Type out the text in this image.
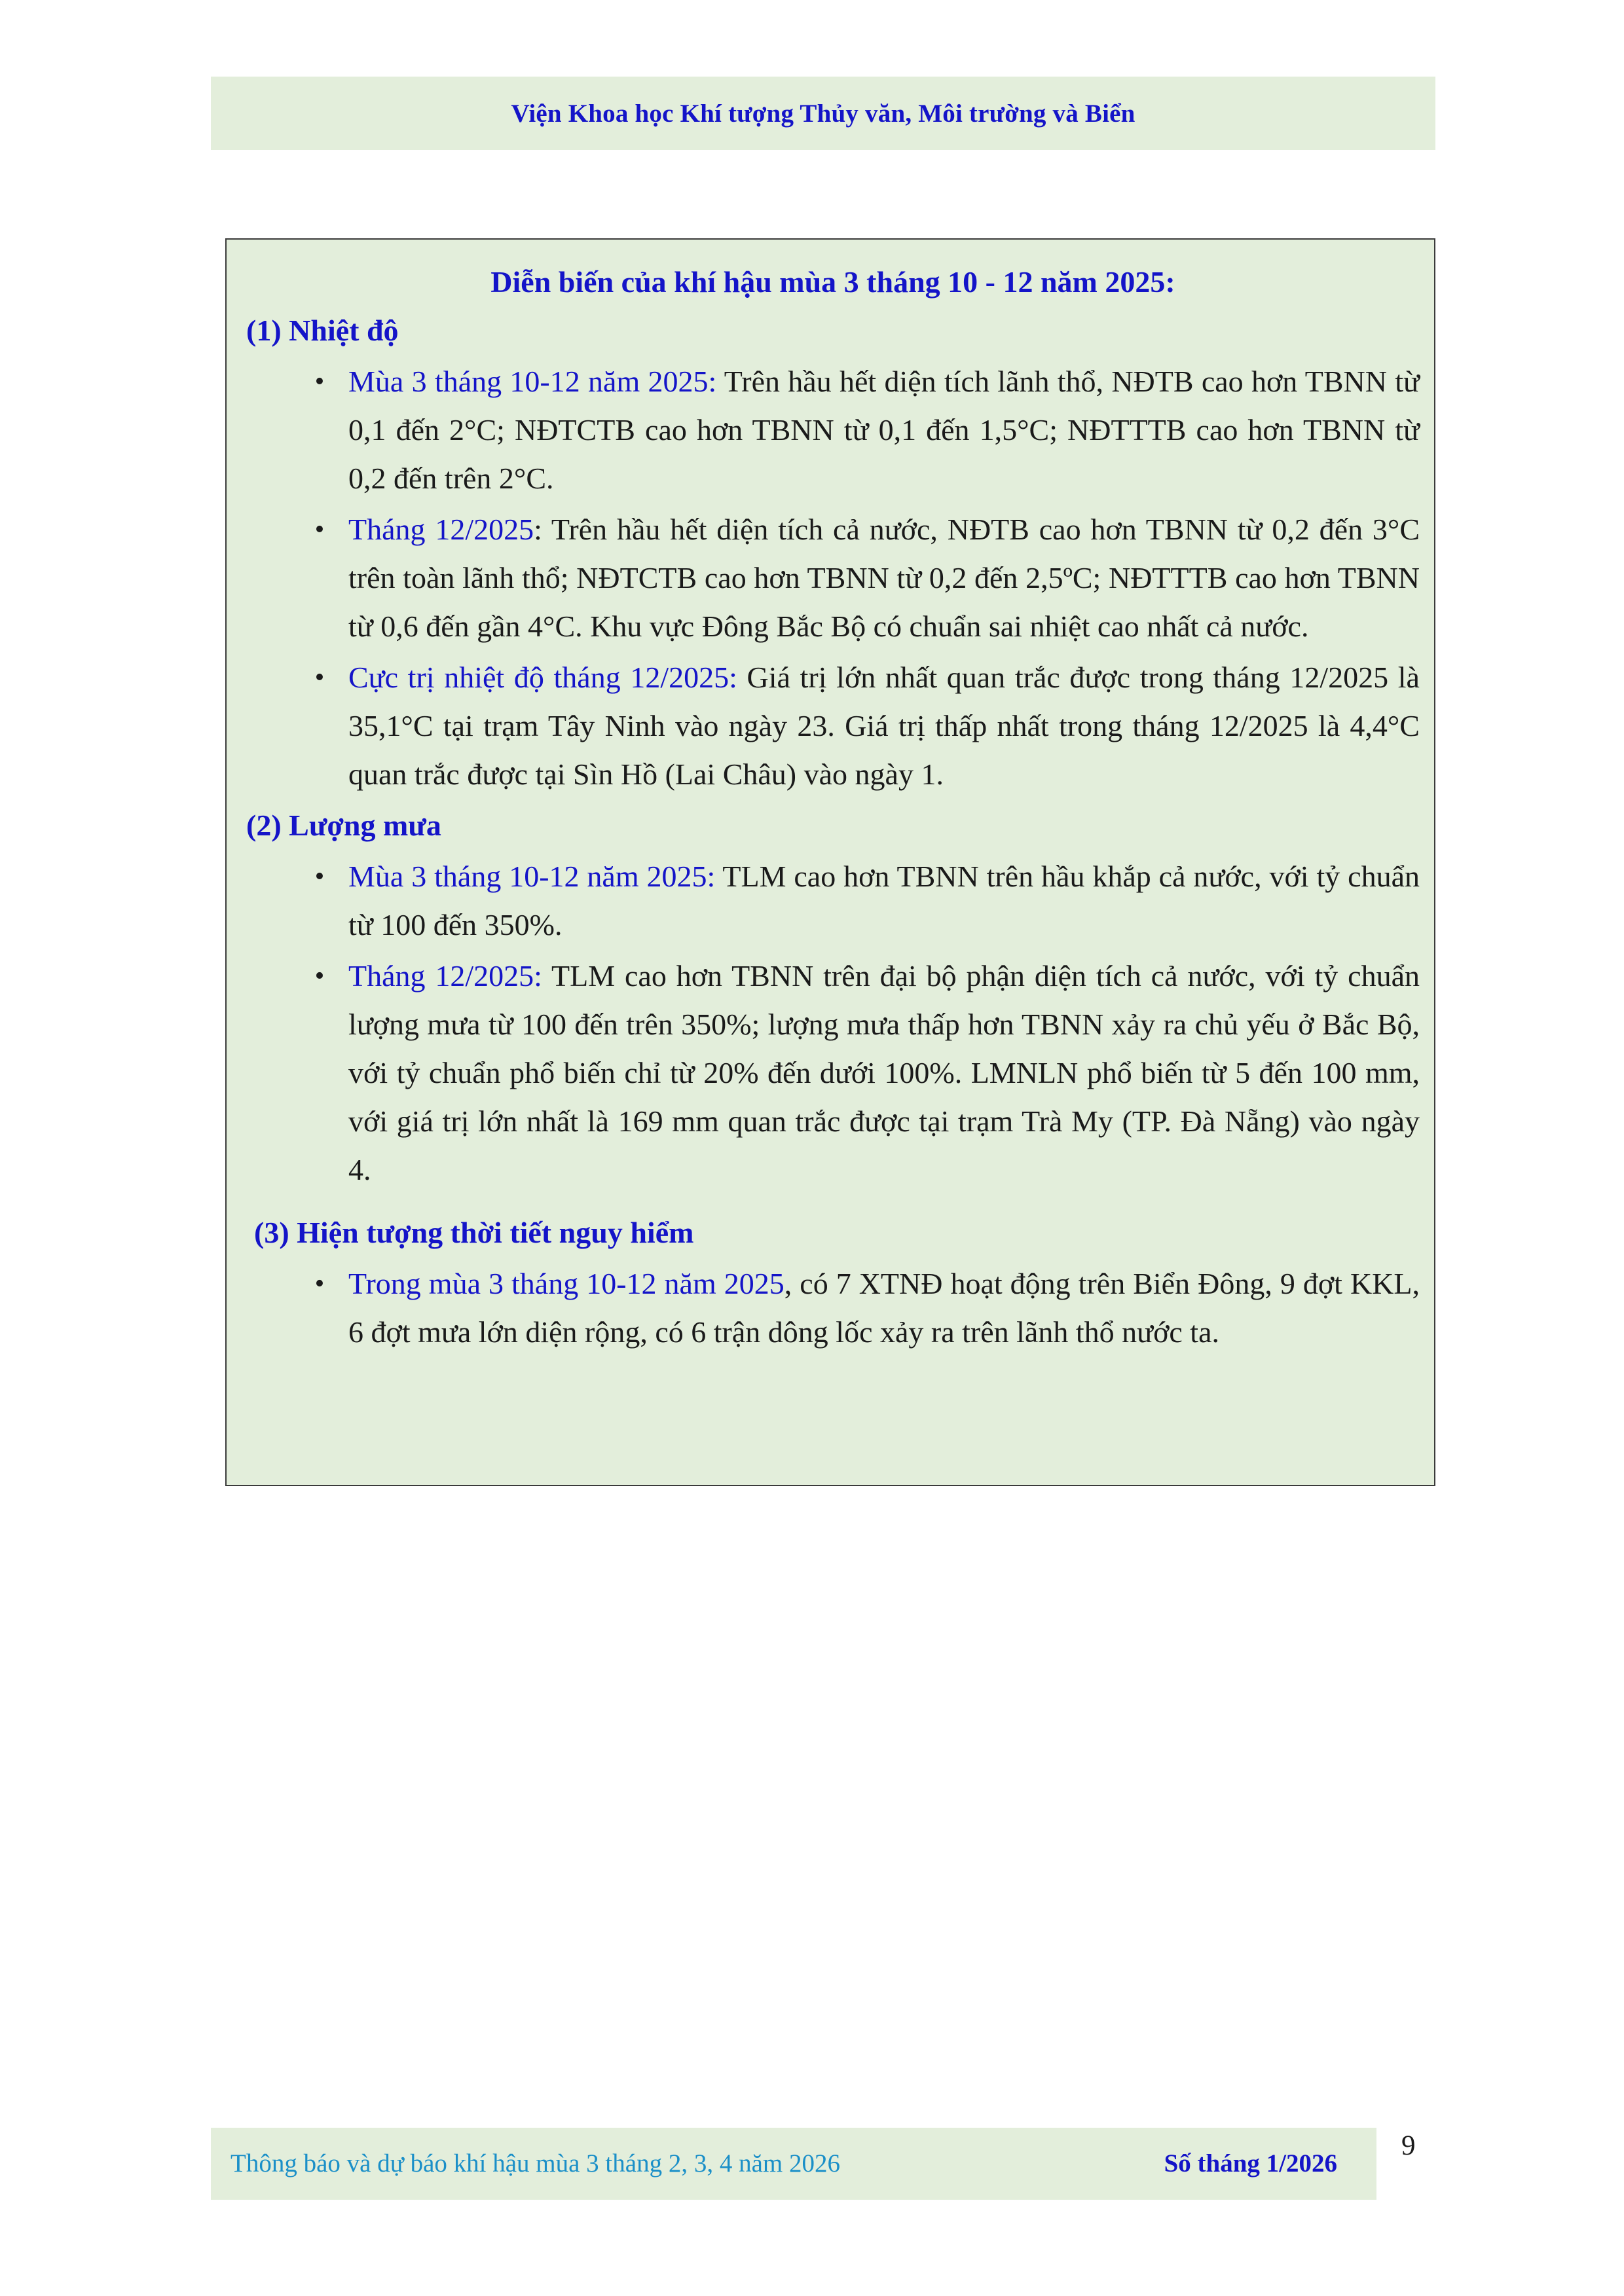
Viện Khoa học Khí tượng Thủy văn, Môi trường và Biển
Diễn biến của khí hậu mùa 3 tháng 10 - 12 năm 2025:
(1) Nhiệt độ
• Mùa 3 tháng 10-12 năm 2025: Trên hầu hết diện tích lãnh thổ, NĐTB cao hơn TBNN từ 0,1 đến 2°C; NĐTCTB cao hơn TBNN từ 0,1 đến 1,5°C; NĐTTTB cao hơn TBNN từ 0,2 đến trên 2°C.
• Tháng 12/2025: Trên hầu hết diện tích cả nước, NĐTB cao hơn TBNN từ 0,2 đến 3°C trên toàn lãnh thổ; NĐTCTB cao hơn TBNN từ 0,2 đến 2,5ºC; NĐTTTB cao hơn TBNN từ 0,6 đến gần 4°C. Khu vực Đông Bắc Bộ có chuẩn sai nhiệt cao nhất cả nước.
• Cực trị nhiệt độ tháng 12/2025: Giá trị lớn nhất quan trắc được trong tháng 12/2025 là 35,1°C tại trạm Tây Ninh vào ngày 23. Giá trị thấp nhất trong tháng 12/2025 là 4,4°C quan trắc được tại Sìn Hồ (Lai Châu) vào ngày 1.
(2) Lượng mưa
• Mùa 3 tháng 10-12 năm 2025: TLM cao hơn TBNN trên hầu khắp cả nước, với tỷ chuẩn từ 100 đến 350%.
• Tháng 12/2025: TLM cao hơn TBNN trên đại bộ phận diện tích cả nước, với tỷ chuẩn lượng mưa từ 100 đến trên 350%; lượng mưa thấp hơn TBNN xảy ra chủ yếu ở Bắc Bộ, với tỷ chuẩn phổ biến chỉ từ 20% đến dưới 100%. LMNLN phổ biến từ 5 đến 100 mm, với giá trị lớn nhất là 169 mm quan trắc được tại trạm Trà My (TP. Đà Nẵng) vào ngày 4.
(3) Hiện tượng thời tiết nguy hiểm
• Trong mùa 3 tháng 10-12 năm 2025, có 7 XTNĐ hoạt động trên Biển Đông, 9 đợt KKL, 6 đợt mưa lớn diện rộng, có 6 trận dông lốc xảy ra trên lãnh thổ nước ta.
Thông báo và dự báo khí hậu mùa 3 tháng 2, 3, 4 năm 2026	Số tháng 1/2026
9
